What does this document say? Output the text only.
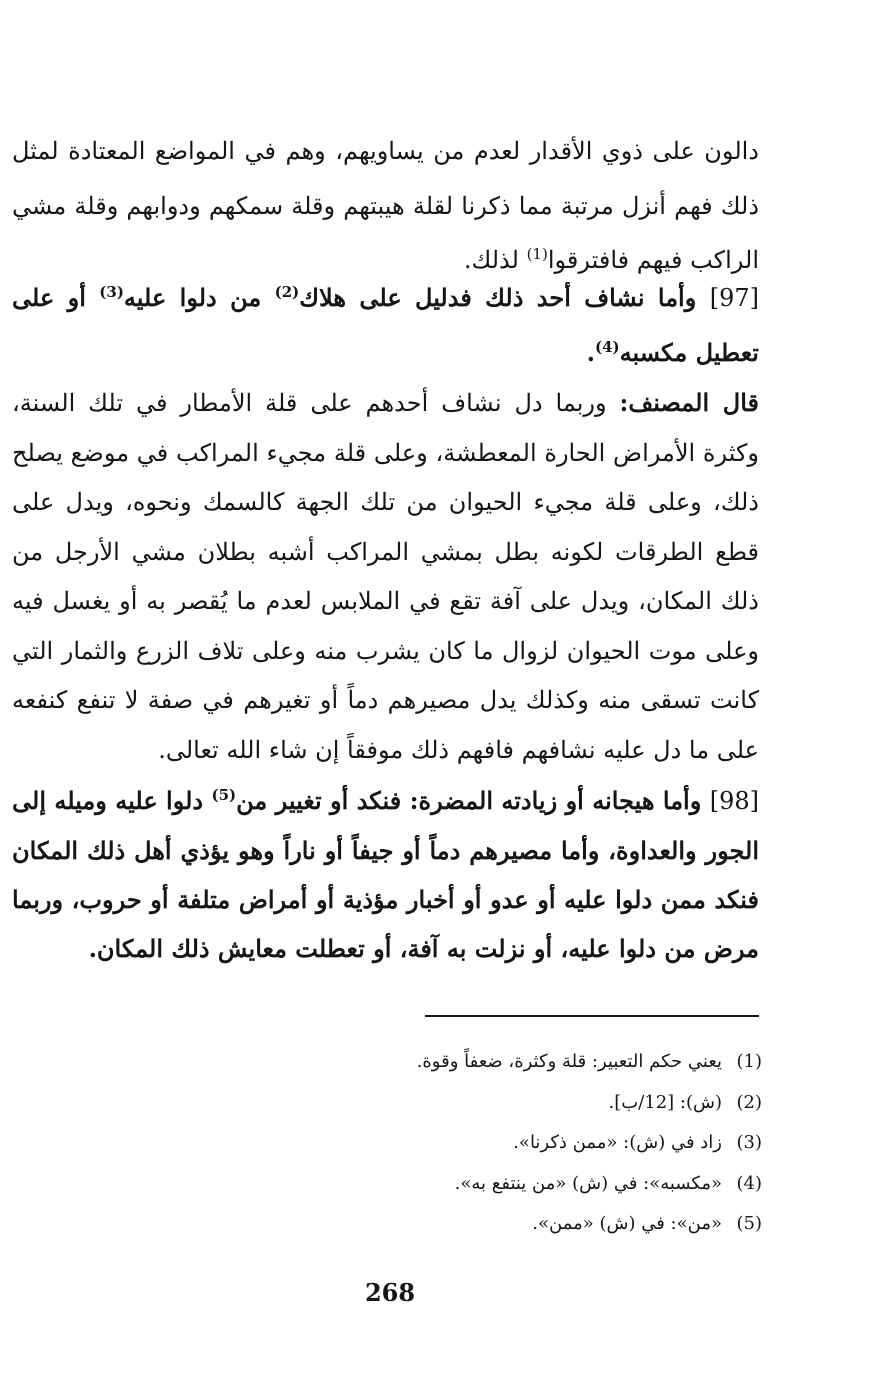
دالون على ذوي الأقدار لعدم من يساويهم، وهم في المواضع المعتادة لمثل ذلك فهم أنزل مرتبة مما ذكرنا لقلة هيبتهم وقلة سمكهم ودوابهم وقلة مشي الراكب فيهم فافترقوا$^{(1)}$ لذلك.

[97] وأما نشاف أحد ذلك فدليل على هلاك$^{(2)}$ من دلوا عليه$^{(3)}$ أو على تعطيل مكسبه$^{(4)}$.

قال المصنف: وربما دل نشاف أحدهم على قلة الأمطار في تلك السنة، وكثرة الأمراض الحارة المعطشة، وعلى قلة مجيء المراكب في موضع يصلح ذلك، وعلى قلة مجيء الحيوان من تلك الجهة كالسمك ونحوه، ويدل على قطع الطرقات لكونه بطل بمشي المراكب أشبه بطلان مشي الأرجل من ذلك المكان، ويدل على آفة تقع في الملابس لعدم ما يُقصر به أو يغسل فيه وعلى موت الحيوان لزوال ما كان يشرب منه وعلى تلاف الزرع والثمار التي كانت تسقى منه وكذلك يدل مصيرهم دماً أو تغيرهم في صفة لا تنفع كنفعه على ما دل عليه نشافهم فافهم ذلك موفقاً إن شاء الله تعالى.

[98] وأما هيجانه أو زيادته المضرة: فنكد أو تغيير من$^{(5)}$ دلوا عليه وميله إلى الجور والعداوة، وأما مصيرهم دماً أو جيفاً أو ناراً وهو يؤذي أهل ذلك المكان فنكد ممن دلوا عليه أو عدو أو أخبار مؤذية أو أمراض متلفة أو حروب، وربما مرض من دلوا عليه، أو نزلت به آفة، أو تعطلت معايش ذلك المكان.

(1)يعني حكم التعبير: قلة وكثرة، ضعفاً وقوة.
(2)(ش): [12/ب].
(3)زاد في (ش): «ممن ذكرنا».
(4)«مكسبه»: في (ش) «من ينتفع به».
(5)«من»: في (ش) «ممن».
268
